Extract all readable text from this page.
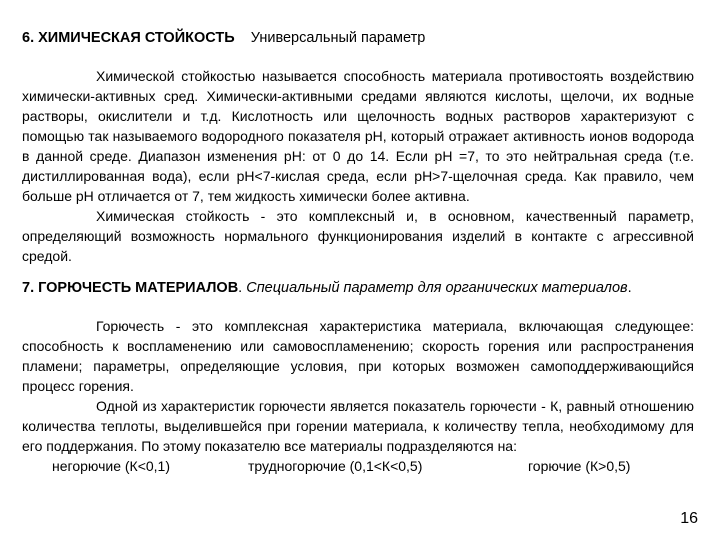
6. ХИМИЧЕСКАЯ СТОЙКОСТЬ Универсальный параметр

Химической стойкостью называется способность материала противостоять воздействию химически-активных сред. Химически-активными средами являются кислоты, щелочи, их водные растворы, окислители и т.д. Кислотность или щелочность водных растворов характеризуют с помощью так называемого водородного показателя рН, который отражает активность ионов водорода в данной среде. Диапазон изменения рН: от 0 до 14. Если рН =7, то это нейтральная среда (т.е. дистиллированная вода), если рН<7-кислая среда, если рН>7-щелочная среда. Как правило, чем больше рН отличается от 7, тем жидкость химически более активна.

Химическая стойкость - это комплексный и, в основном, качественный параметр, определяющий возможность нормального функционирования изделий в контакте с агрессивной средой.

7. ГОРЮЧЕСТЬ МАТЕРИАЛОВ. Специальный параметр для органических материалов.

Горючесть - это комплексная характеристика материала, включающая следующее: способность к воспламенению или самовоспламенению; скорость горения или распространения пламени; параметры, определяющие условия, при которых возможен самоподдерживающийся процесс горения.

Одной из характеристик горючести является показатель горючести - К, равный отношению количества теплоты, выделившейся при горении материала, к количеству тепла, необходимому для его поддержания. По этому показателю все материалы подразделяются на:

негорючие (К<0,1)	трудногорючие (0,1<К<0,5)	горючие (К>0,5)
16
